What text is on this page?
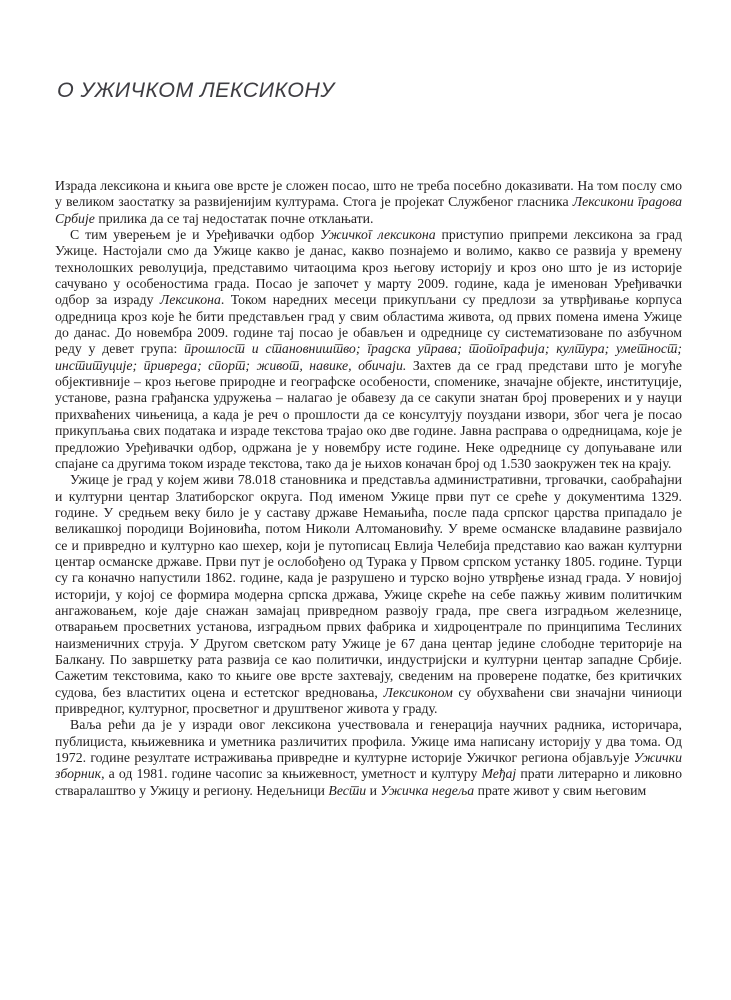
О УЖИЧКОМ ЛЕКСИКОНУ

Израда лексикона и књига ове врсте је сложен посао, што не треба посебно доказивати. На том послу смо у великом заостатку за развијенијим културама. Стога је пројекат Службеног гласника Лексикони градова Србије прилика да се тај недостатак почне отклањати.

С тим уверењем је и Уређивачки одбор Ужичког лексикона приступио припреми лексикона за град Ужице. Настојали смо да Ужице какво је данас, какво познајемо и волимо, какво се развија у времену технолошких револуција, представимо читаоцима кроз његову историју и кроз оно што је из историје сачувано у особеностима града. Посао је започет у марту 2009. године, када је именован Уређивачки одбор за израду Лексикона. Током наредних месеци прикупљани су предлози за утврђивање корпуса одредница кроз које ће бити представљен град у свим областима живота, од првих помена имена Ужице до данас. До новембра 2009. године тај посао је обављен и одреднице су систематизоване по азбучном реду у девет група: прошлост и становништво; градска управа; топографија; култура; уметност; институције; привреда; спорт; живот, навике, обичаји. Захтев да се град представи што је могуће објективније – кроз његове природне и географске особености, споменике, значајне објекте, институције, установе, разна грађанска удружења – налагао је обавезу да се сакупи знатан број проверених и у науци прихваћених чињеница, а када је реч о прошлости да се консултују поуздани извори, због чега је посао прикупљања свих података и израде текстова трајао око две године. Јавна расправа о одредницама, које је предложио Уређивачки одбор, одржана је у новембру исте године. Неке одреднице су допуњаване или спајане са другима током израде текстова, тако да је њихов коначан број од 1.530 заокружен тек на крају.

Ужице је град у којем живи 78.018 становника и представља административни, трговачки, саобраћајни и културни центар Златиборског округа. Под именом Ужице први пут се среће у документима 1329. године. У средњем веку било је у саставу државе Немањића, после пада српског царства припадало је великашкој породици Војиновића, потом Николи Алтомановићу. У време османске владавине развијало се и привредно и културно као шехер, који је путописац Евлија Челебија представио као важан културни центар османске државе. Први пут је ослобођено од Турака у Првом српском устанку 1805. године. Турци су га коначно напустили 1862. године, када је разрушено и турско војно утврђење изнад града. У новијој историји, у којој се формира модерна српска држава, Ужице скреће на себе пажњу живим политичким ангажовањем, које даје снажан замајац привредном развоју града, пре свега изградњом железнице, отварањем просветних установа, изградњом првих фабрика и хидроцентрале по принципима Теслиних наизменичних струја. У Другом светском рату Ужице је 67 дана центар једине слободне територије на Балкану. По завршетку рата развија се као политички, индустријски и културни центар западне Србије. Сажетим текстовима, како то књиге ове врсте захтевају, сведеним на проверене податке, без критичких судова, без властитих оцена и естетског вредновања, Лексиконом су обухваћени сви значајни чиниоци привредног, културног, просветног и друштвеног живота у граду.

Ваља рећи да је у изради овог лексикона учествовала и генерација научних радника, историчара, публициста, књижевника и уметника различитих профила. Ужице има написану историју у два тома. Од 1972. године резултате истраживања привредне и културне историје Ужичког региона објављује Ужички зборник, а од 1981. године часопис за књижевност, уметност и културу Међај прати литерарно и ликовно стваралаштво у Ужицу и региону. Недељници Вести и Ужичка недеља прате живот у свим његовим
